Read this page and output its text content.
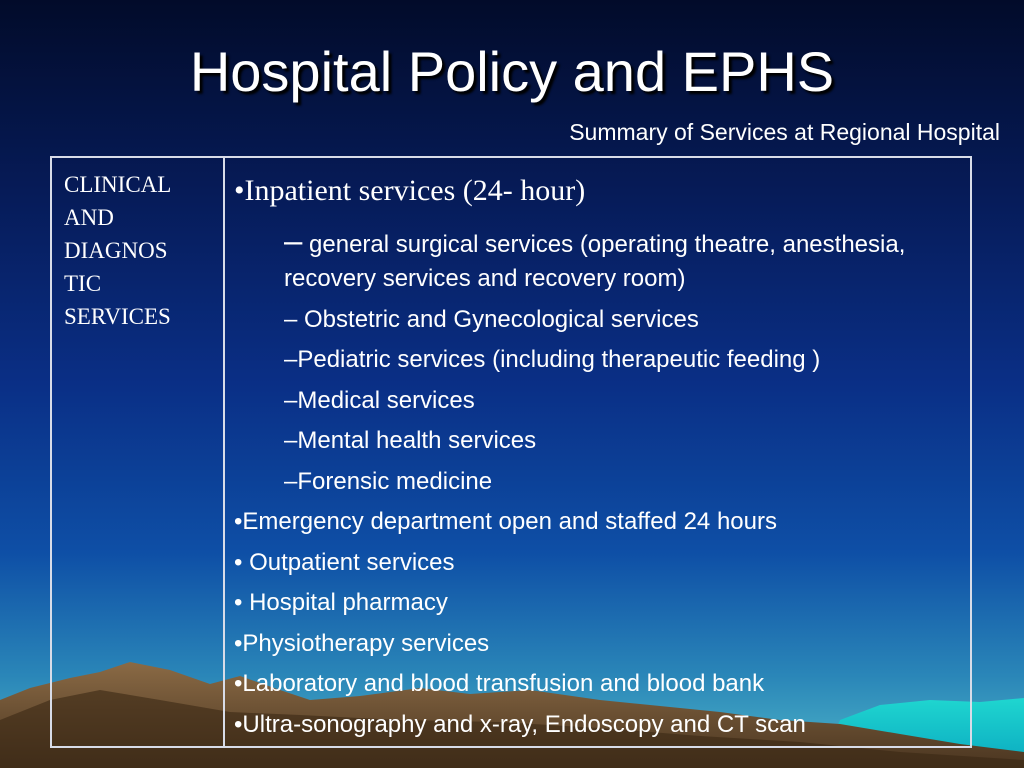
Hospital Policy and EPHS
Summary of Services at Regional Hospital
CLINICAL
AND
DIAGNOS
TIC
SERVICES
•Inpatient services (24- hour)
– general surgical services (operating theatre, anesthesia, recovery services and recovery room)
– Obstetric and Gynecological services
–Pediatric services (including therapeutic feeding )
–Medical services
–Mental health services
–Forensic medicine
•Emergency department open and staffed 24 hours
• Outpatient services
• Hospital pharmacy
•Physiotherapy services
•Laboratory and blood transfusion and blood bank
•Ultra-sonography and x-ray, Endoscopy and CT scan
